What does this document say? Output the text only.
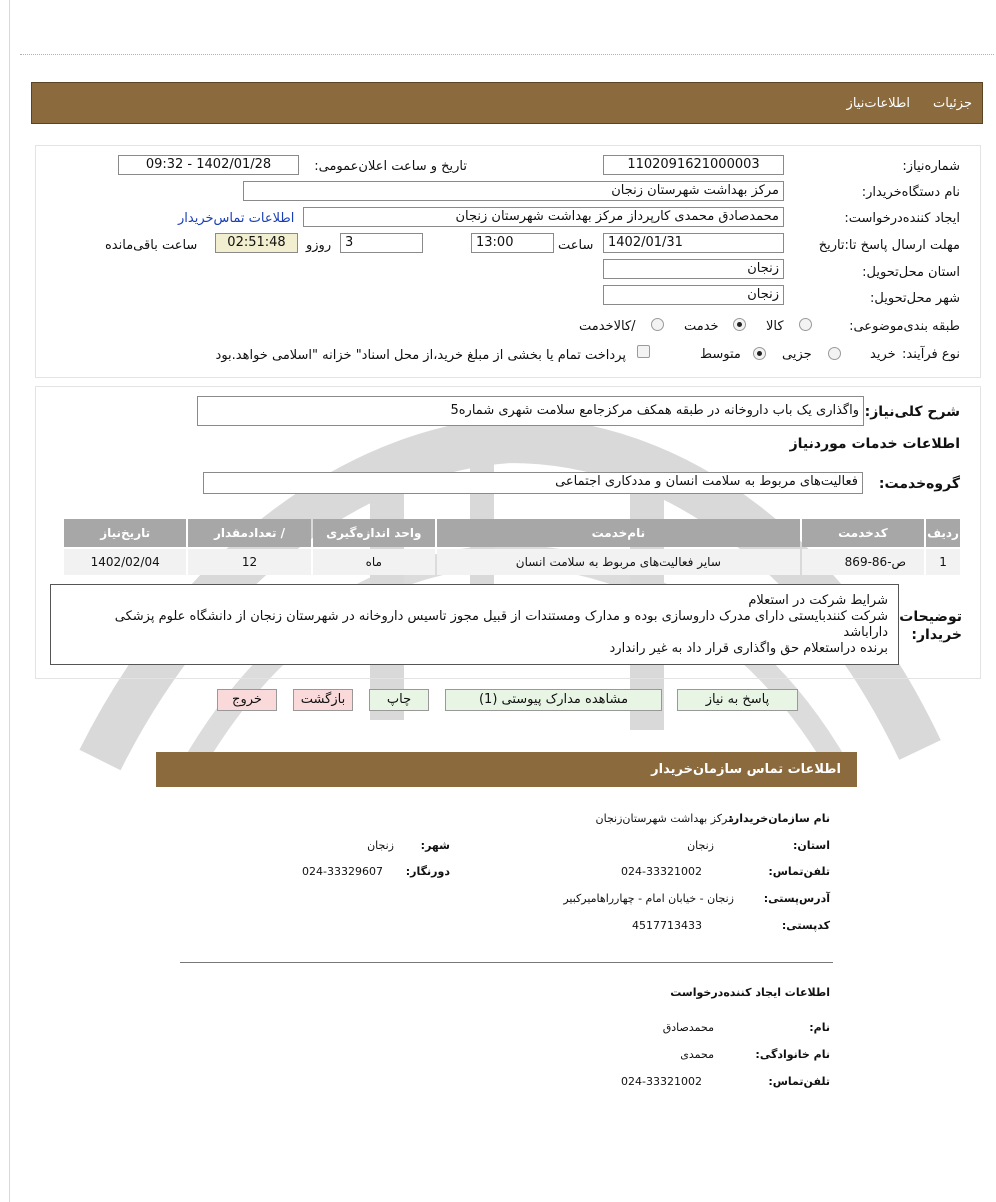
جزئیات
اطلاعات‌نیاز
شماره‌نیاز:
1102091621000003
تاریخ و ساعت اعلان‌عمومی:
1402/01/28 - 09:32
نام دستگاه‌خریدار:
مرکز بهداشت شهرستان زنجان
ایجاد کننده‌درخواست:
محمدصادق محمدی کارپرداز مرکز بهداشت شهرستان زنجان
اطلاعات تماس‌خریدار
مهلت ارسال پاسخ تا:تاریخ
1402/01/31
ساعت
13:00
3
روزو
02:51:48
ساعت باقی‌مانده
استان محل‌تحویل:
زنجان
شهر محل‌تحویل:
زنجان
طبقه بندی‌موضوعی:
کالا
خدمت
/کالاخدمت
نوع فرآیند:
خرید
جزیی
متوسط
پرداخت تمام یا بخشی از مبلغ خرید،از محل اسناد" خزانه "اسلامی خواهد.بود
شرح کلی‌نیاز:
واگذاری یک باب داروخانه در طبقه همکف مرکزجامع سلامت شهری شماره5
اطلاعات خدمات موردنیاز
گروه‌خدمت:
فعالیت‌های مربوط به سلامت انسان و مددکاری اجتماعی
ردیف	کدخدمت	نام‌خدمت	واحد اندازه‌گیری	/ تعدادمقدار	تاریخ‌نیاز
1	ص-86-869	سایر فعالیت‌های مربوط به سلامت انسان	ماه	12	1402/02/04
توضیحات خریدار:
شرایط شرکت در استعلام
شرکت کنندبایستی دارای مدرک داروسازی بوده و مدارک ومستندات از قبیل مجوز تاسیس داروخانه در شهرستان زنجان از دانشگاه علوم پزشکی
داراباشد
برنده دراستعلام حق واگذاری قرار داد به غیر راندارد
پاسخ به نیاز
مشاهده مدارک پیوستی (1)
چاپ
بازگشت
خروج
اطلاعات تماس سازمان‌خریدار
نام سازمان‌خریدار:
مرکز بهداشت شهرستان‌زنجان
استان:
زنجان
شهر:
زنجان
تلفن‌تماس:
024-33321002
دورنگار:
024-33329607
آدرس‌پستی:
زنجان - خیابان امام - چهارراهامیرکبیر
کد‌پستی:
4517713433
اطلاعات ایجاد کننده‌درخواست
نام:
محمدصادق
نام خانوادگی:
محمدی
تلفن‌تماس:
024-33321002
